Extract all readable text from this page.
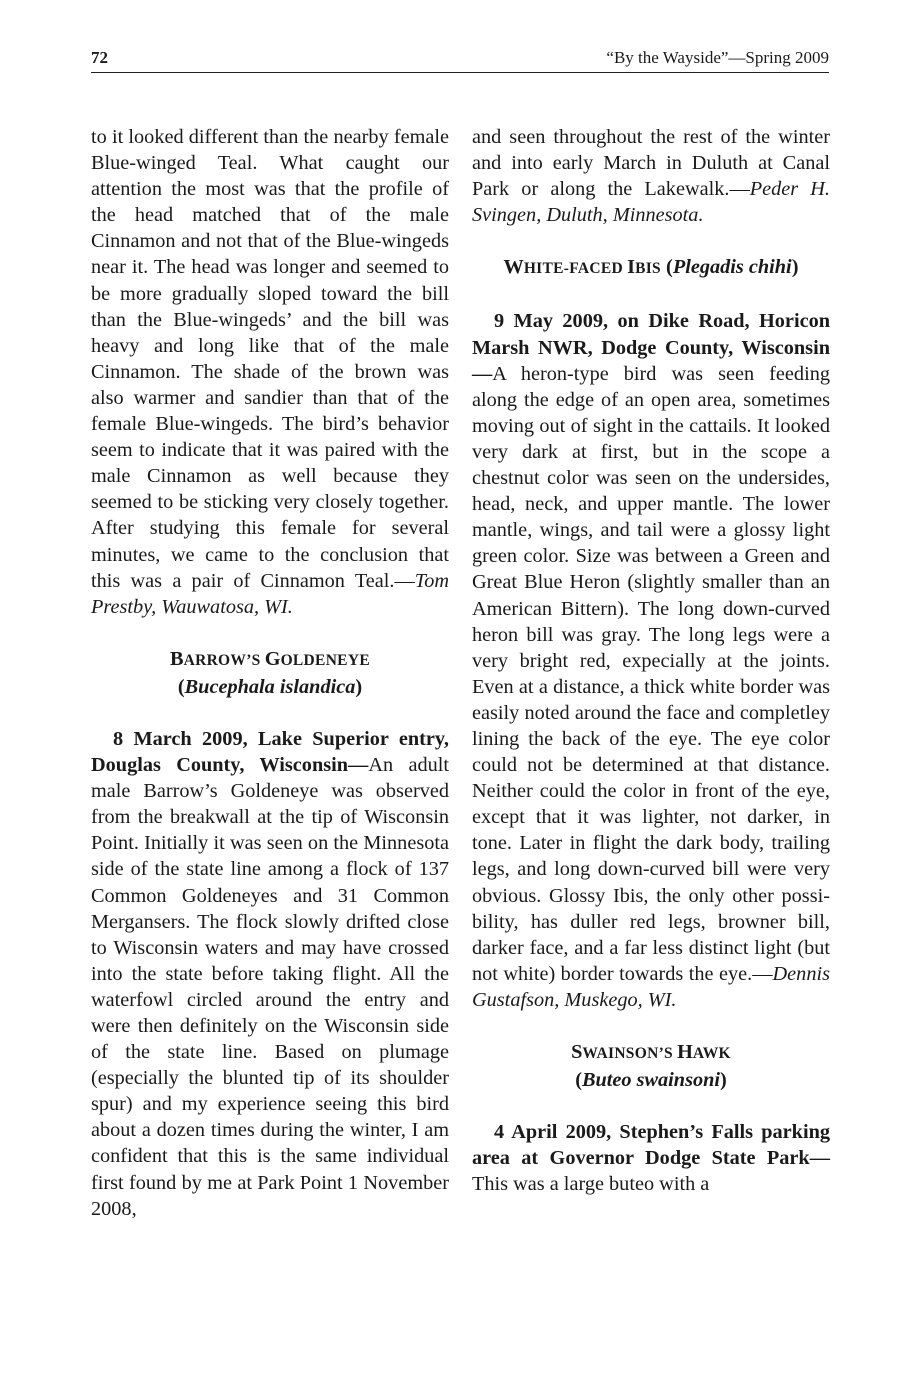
72	“By the Wayside”—Spring 2009

to it looked different than the nearby female Blue-winged Teal. What caught our attention the most was that the profile of the head matched that of the male Cinnamon and not that of the Blue-wingeds near it. The head was longer and seemed to be more gradually sloped toward the bill than the Blue-wingeds’ and the bill was heavy and long like that of the male Cinnamon. The shade of the brown was also warmer and sandier than that of the female Blue-wingeds. The bird’s behavior seem to indicate that it was paired with the male Cinnamon as well because they seemed to be sticking very closely together. After studying this female for several minutes, we came to the conclusion that this was a pair of Cinnamon Teal.—Tom Prestby, Wauwatosa, WI.

BARROW’S GOLDENEYE

(Bucephala islandica)

8 March 2009, Lake Superior entry, Douglas County, Wisconsin—An adult male Barrow’s Goldeneye was observed from the breakwall at the tip of Wisconsin Point. Initially it was seen on the Minnesota side of the state line among a flock of 137 Common Goldeneyes and 31 Common Mergansers. The flock slowly drifted close to Wisconsin waters and may have crossed into the state before taking flight. All the waterfowl circled around the entry and were then definitely on the Wisconsin side of the state line. Based on plumage (especially the blunted tip of its shoulder spur) and my experience seeing this bird about a dozen times during the winter, I am confident that this is the same individual first found by me at Park Point 1 November 2008,

and seen throughout the rest of the winter and into early March in Duluth at Canal Park or along the Lakewalk.—Peder H. Svingen, Duluth, Minnesota.

WHITE-FACED IBIS (Plegadis chihi)

9 May 2009, on Dike Road, Horicon Marsh NWR, Dodge County, Wisconsin—A heron-type bird was seen feeding along the edge of an open area, sometimes moving out of sight in the cattails. It looked very dark at first, but in the scope a chestnut color was seen on the undersides, head, neck, and upper mantle. The lower mantle, wings, and tail were a glossy light green color. Size was between a Green and Great Blue Heron (slightly smaller than an American Bittern). The long down-curved heron bill was gray. The long legs were a very bright red, expecially at the joints. Even at a distance, a thick white border was easily noted around the face and completley lining the back of the eye. The eye color could not be determined at that distance. Neither could the color in front of the eye, except that it was lighter, not darker, in tone. Later in flight the dark body, trailing legs, and long down-curved bill were very obvious. Glossy Ibis, the only other possibility, has duller red legs, browner bill, darker face, and a far less distinct light (but not white) border towards the eye.—Dennis Gustafson, Muskego, WI.

SWAINSON’S HAWK

(Buteo swainsoni)

4 April 2009, Stephen’s Falls parking area at Governor Dodge State Park—This was a large buteo with a
